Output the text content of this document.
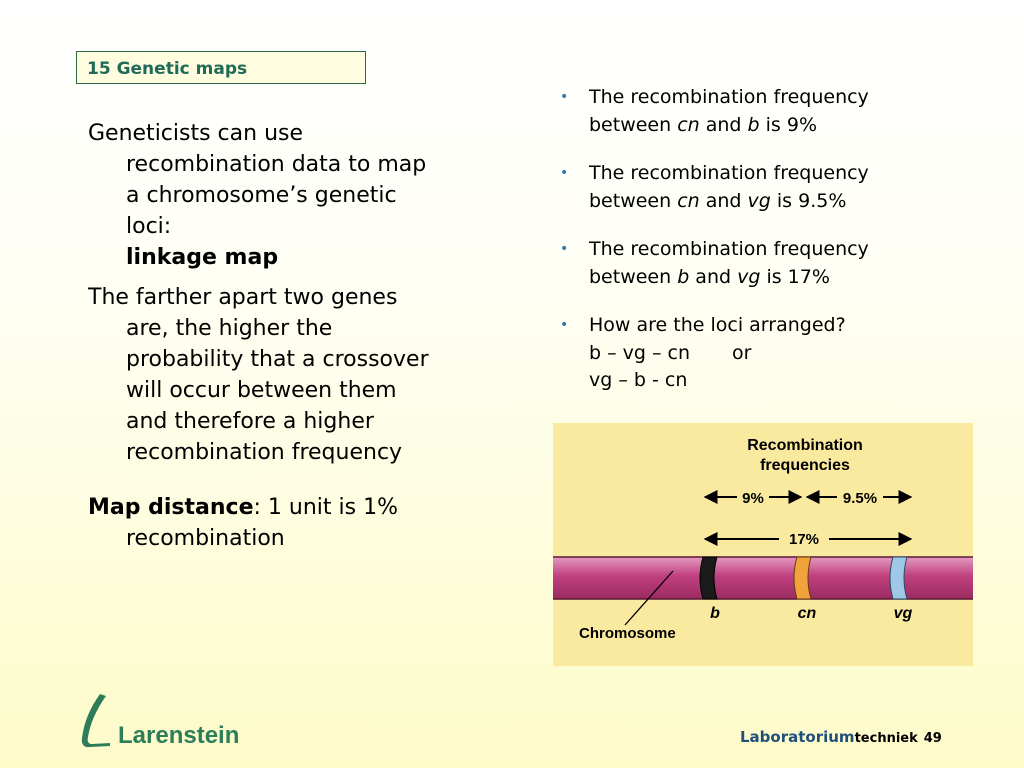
15 Genetic maps

Geneticists can use recombination data to map a chromosome’s genetic loci:
linkage map

The farther apart two genes are, the higher the probability that a crossover will occur between them and therefore a higher recombination frequency

Map distance: 1 unit is 1% recombination

• The recombination frequency
between cn and b is 9%
• The recombination frequency
between cn and vg is 9.5%
• The recombination frequency
between b and vg is 17%
• How are the loci arranged?
b – vg – cn or
vg – b - cn
Recombination
frequencies
9%	9.5%
17%
Chromosome
b	cn	vg
Larenstein	Laboratoriumtechniek 49
